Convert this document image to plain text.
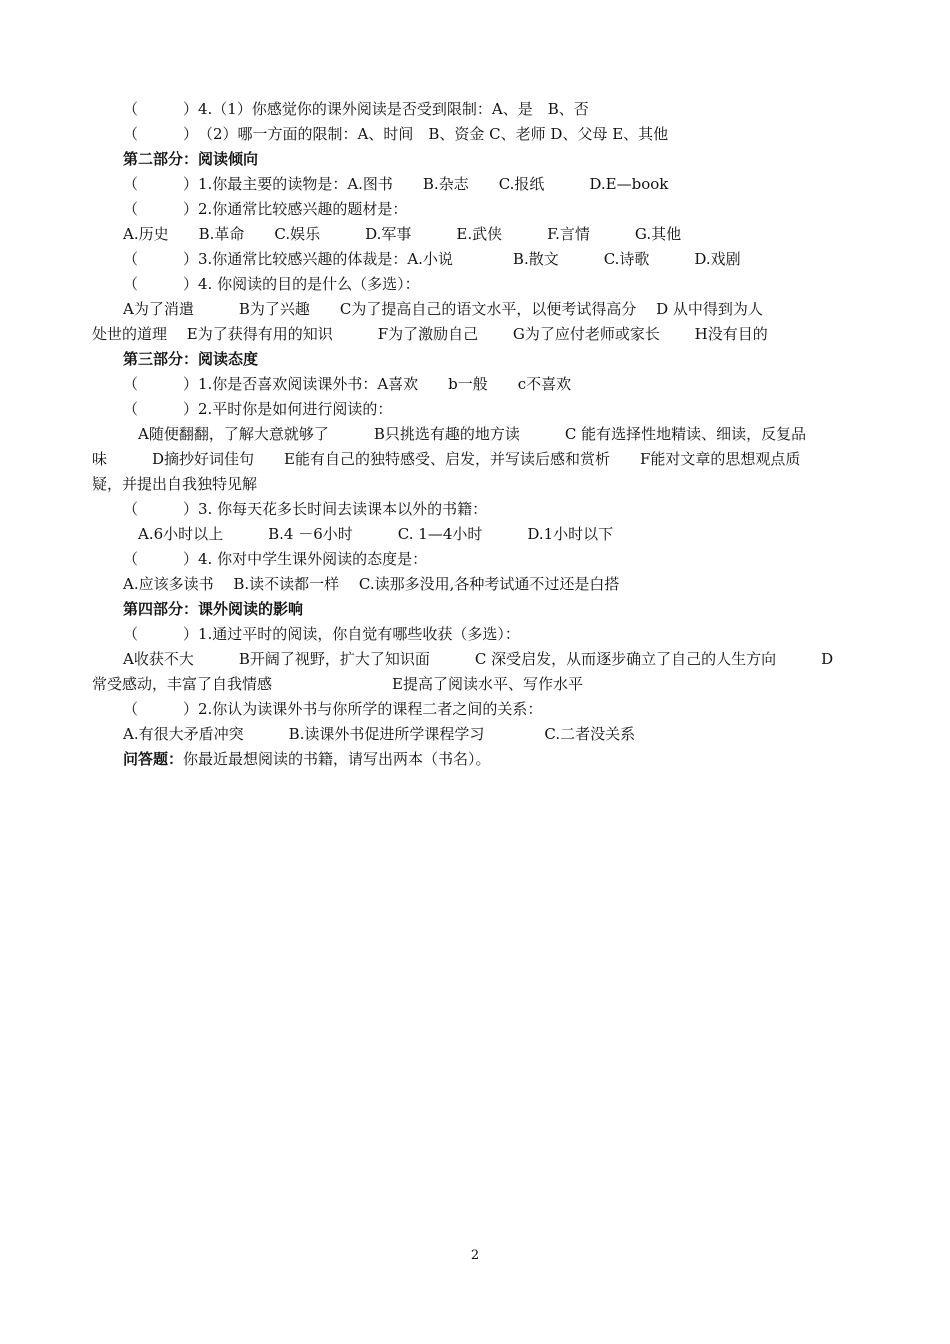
（　　　）4.（1）你感觉你的课外阅读是否受到限制：A、是　B、否
（　　　）　（2）哪一方面的限制：A、时间　B、资金 C、老师 D、父母 E、其他
第二部分：阅读倾向
（　　　）1.你最主要的读物是：A.图书　　B.杂志　　C.报纸　　　D.E—book
（　　　）2.你通常比较感兴趣的题材是：
A.历史　　B.革命　　C.娱乐　　　D.军事　　　E.武侠　　　F.言情　　　G.其他
（　　　）3.你通常比较感兴趣的体裁是：A.小说　　　　B.散文　　　C.诗歌　　　D.戏剧
（　　　）4. 你阅读的目的是什么（多选）：
A为了消遣　　　B为了兴趣　　C为了提高自己的语文水平，以便考试得高分　 D 从中得到为人
处世的道理　 E为了获得有用的知识　　　F为了激励自己　　 G为了应付老师或家长　　 H没有目的
第三部分：阅读态度
（　　　）1.你是否喜欢阅读课外书：A喜欢　　b一般　　c不喜欢
（　　　）2.平时你是如何进行阅读的：
　A随便翻翻，了解大意就够了　　　B只挑选有趣的地方读　　　C 能有选择性地精读、细读，反复品
味　　　D摘抄好词佳句　　E能有自己的独特感受、启发，并写读后感和赏析　　F能对文章的思想观点质
疑，并提出自我独特见解
（　　　）3. 你每天花多长时间去读课本以外的书籍：
　A.6小时以上　　　B.4 －6小时　　　C. 1—4小时　　　D.1小时以下
（　　　）4. 你对中学生课外阅读的态度是：
A.应该多读书　 B.读不读都一样　 C.读那多没用,各种考试通不过还是白搭
第四部分：课外阅读的影响
（　　　）1.通过平时的阅读，你自觉有哪些收获（多选）：
A收获不大　　　B开阔了视野，扩大了知识面　　　C 深受启发，从而逐步确立了自己的人生方向　　　D
常受感动，丰富了自我情感　　　　　　　　E提高了阅读水平、写作水平
（　　　）2.你认为读课外书与你所学的课程二者之间的关系：
A.有很大矛盾冲突　　　B.读课外书促进所学课程学习　　　　C.二者没关系
问答题：你最近最想阅读的书籍，请写出两本（书名）。
2
